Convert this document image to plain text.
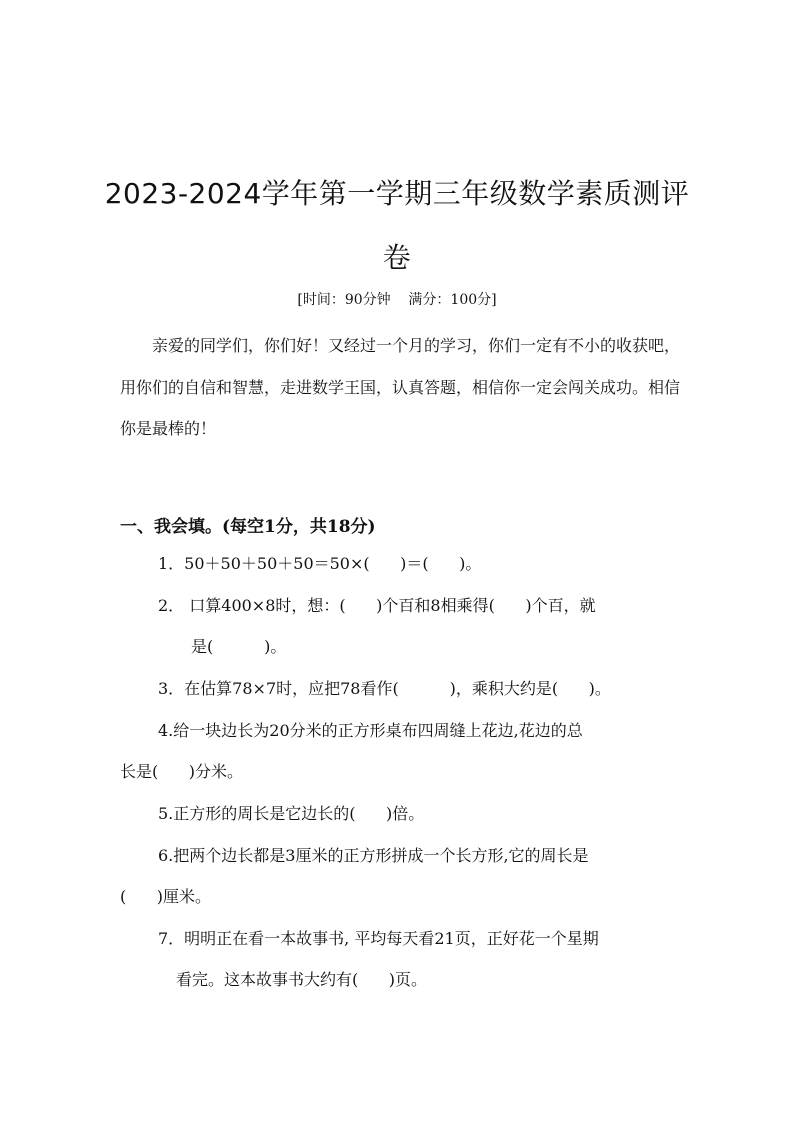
2023-2024学年第一学期三年级数学素质测评
卷
[时间：90分钟    满分：100分]
亲爱的同学们，你们好！又经过一个月的学习，你们一定有不小的收获吧，
用你们的自信和智慧，走进数学王国，认真答题，相信你一定会闯关成功。相信
你是最棒的！
一、我会填。(每空1分，共18分)
1．50＋50＋50＋50＝50×(      )＝(      )。
2． 口算400×8时，想：(      )个百和8相乘得(      )个百，就
是(          )。
3．在估算78×7时，应把78看作(          )，乘积大约是(      )。
4.给一块边长为20分米的正方形桌布四周缝上花边,花边的总
长是(      )分米。
5.正方形的周长是它边长的(      )倍。
6.把两个边长都是3厘米的正方形拼成一个长方形,它的周长是
(      )厘米。
7．明明正在看一本故事书, 平均每天看21页，正好花一个星期
看完。这本故事书大约有(      )页。
